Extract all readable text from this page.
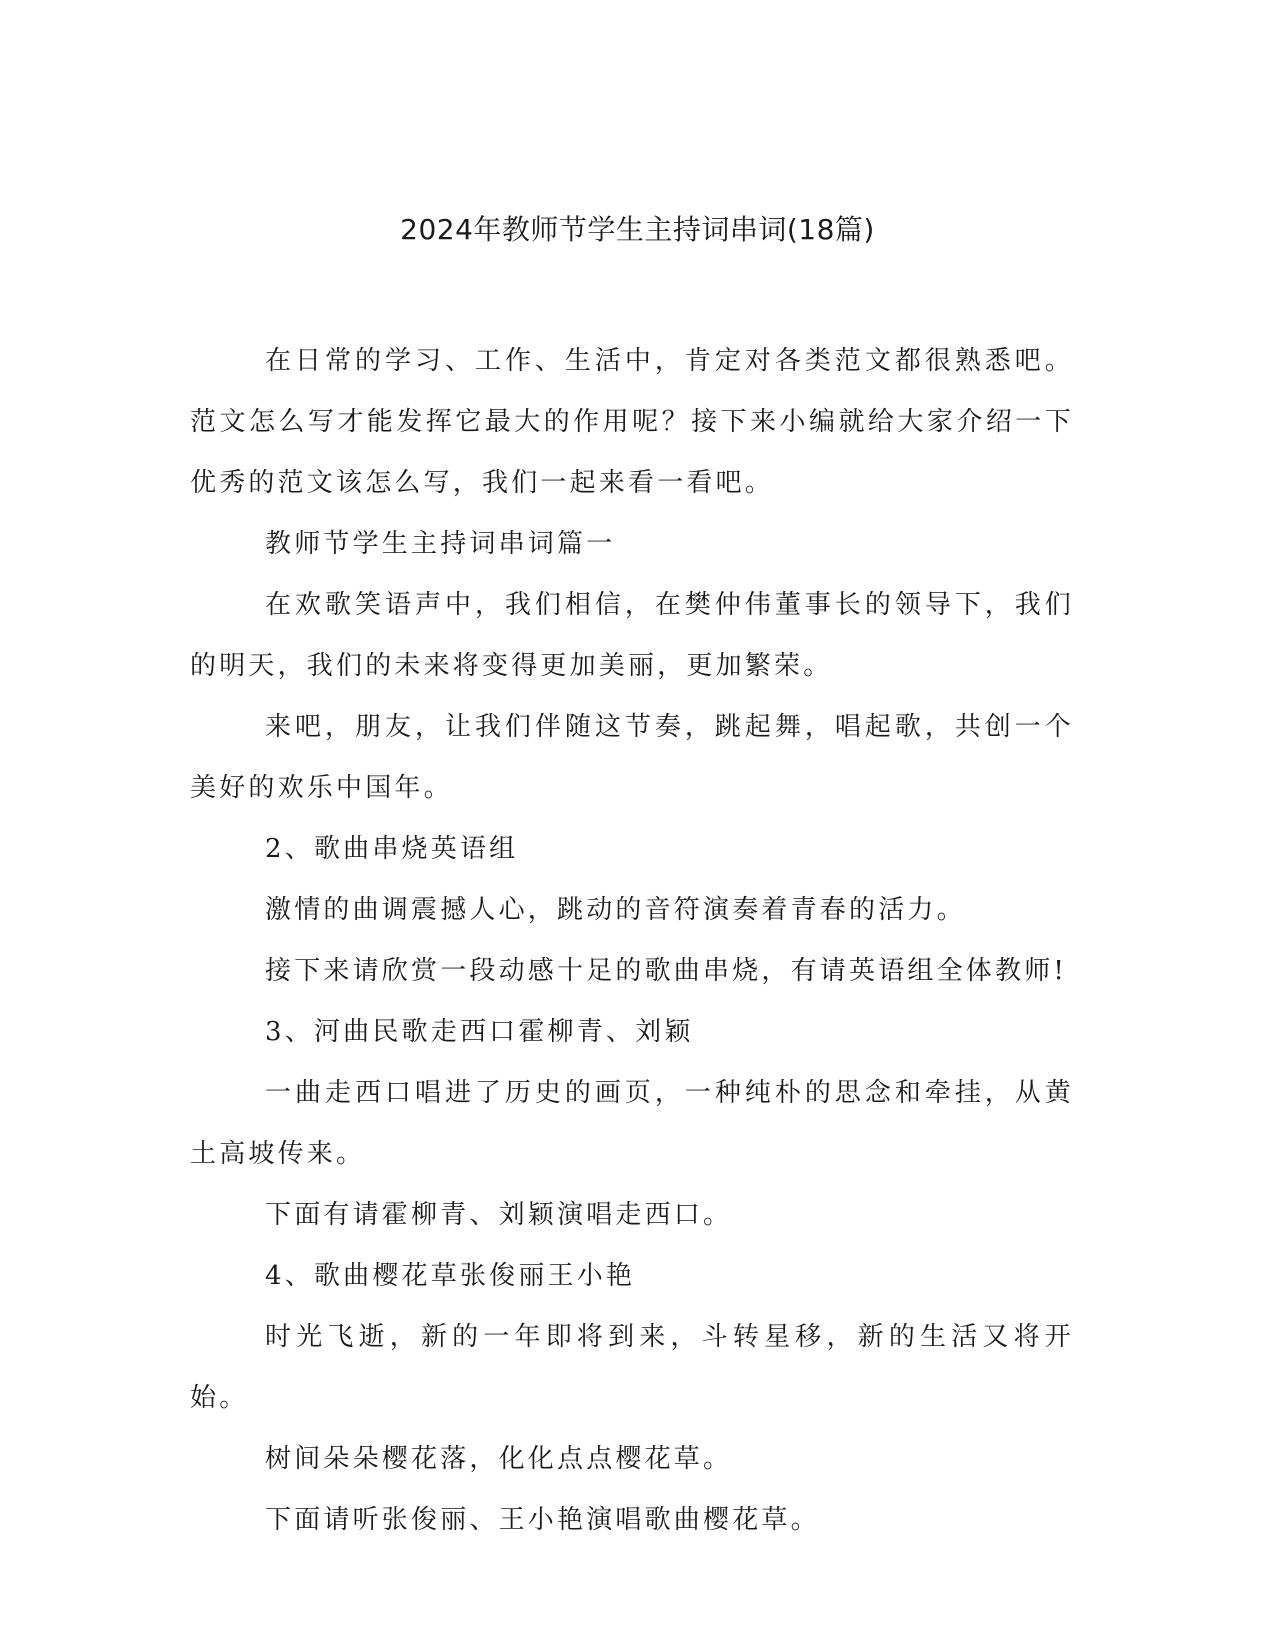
2024年教师节学生主持词串词(18篇)

在日常的学习、工作、生活中，肯定对各类范文都很熟悉吧。范文怎么写才能发挥它最大的作用呢？接下来小编就给大家介绍一下优秀的范文该怎么写，我们一起来看一看吧。

教师节学生主持词串词篇一

在欢歌笑语声中，我们相信，在樊仲伟董事长的领导下，我们的明天，我们的未来将变得更加美丽，更加繁荣。

来吧，朋友，让我们伴随这节奏，跳起舞，唱起歌，共创一个美好的欢乐中国年。

2、歌曲串烧英语组

激情的曲调震撼人心，跳动的音符演奏着青春的活力。

接下来请欣赏一段动感十足的歌曲串烧，有请英语组全体教师!

3、河曲民歌走西口霍柳青、刘颖

一曲走西口唱进了历史的画页，一种纯朴的思念和牵挂，从黄土高坡传来。

下面有请霍柳青、刘颖演唱走西口。

4、歌曲樱花草张俊丽王小艳

时光飞逝，新的一年即将到来，斗转星移，新的生活又将开始。

树间朵朵樱花落，化化点点樱花草。

下面请听张俊丽、王小艳演唱歌曲樱花草。
